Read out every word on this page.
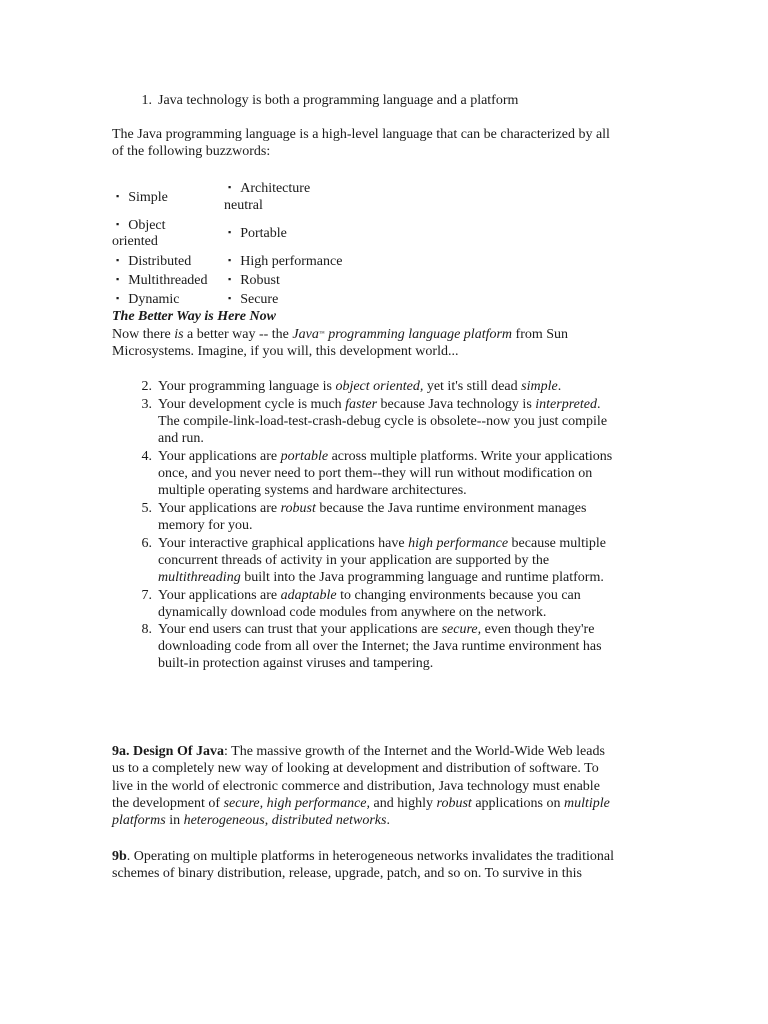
1. Java technology is both a programming language and a platform

The Java programming language is a high-level language that can be characterized by all

of the following buzzwords:

▪ Simple
▪ Object
oriented
▪ Distributed
▪ Multithreaded
▪ Dynamic
▪ Architecture
neutral
▪ Portable
▪ High performance
▪ Robust
▪ Secure

The Better Way is Here Now

Now there is a better way -- the Java™ programming language platform from Sun

Microsystems. Imagine, if you will, this development world...

2. Your programming language is object oriented, yet it's still dead simple.
3. Your development cycle is much faster because Java technology is interpreted.
The compile-link-load-test-crash-debug cycle is obsolete--now you just compile
and run.
4. Your applications are portable across multiple platforms. Write your applications
once, and you never need to port them--they will run without modification on
multiple operating systems and hardware architectures.
5. Your applications are robust because the Java runtime environment manages
memory for you.
6. Your interactive graphical applications have high performance because multiple
concurrent threads of activity in your application are supported by the
multithreading built into the Java programming language and runtime platform.
7. Your applications are adaptable to changing environments because you can
dynamically download code modules from anywhere on the network.
8. Your end users can trust that your applications are secure, even though they're
downloading code from all over the Internet; the Java runtime environment has
built-in protection against viruses and tampering.

9a. Design Of Java: The massive growth of the Internet and the World-Wide Web leads

us to a completely new way of looking at development and distribution of software. To

live in the world of electronic commerce and distribution, Java technology must enable

the development of secure, high performance, and highly robust applications on multiple

platforms in heterogeneous, distributed networks.

9b. Operating on multiple platforms in heterogeneous networks invalidates the traditional

schemes of binary distribution, release, upgrade, patch, and so on. To survive in this
